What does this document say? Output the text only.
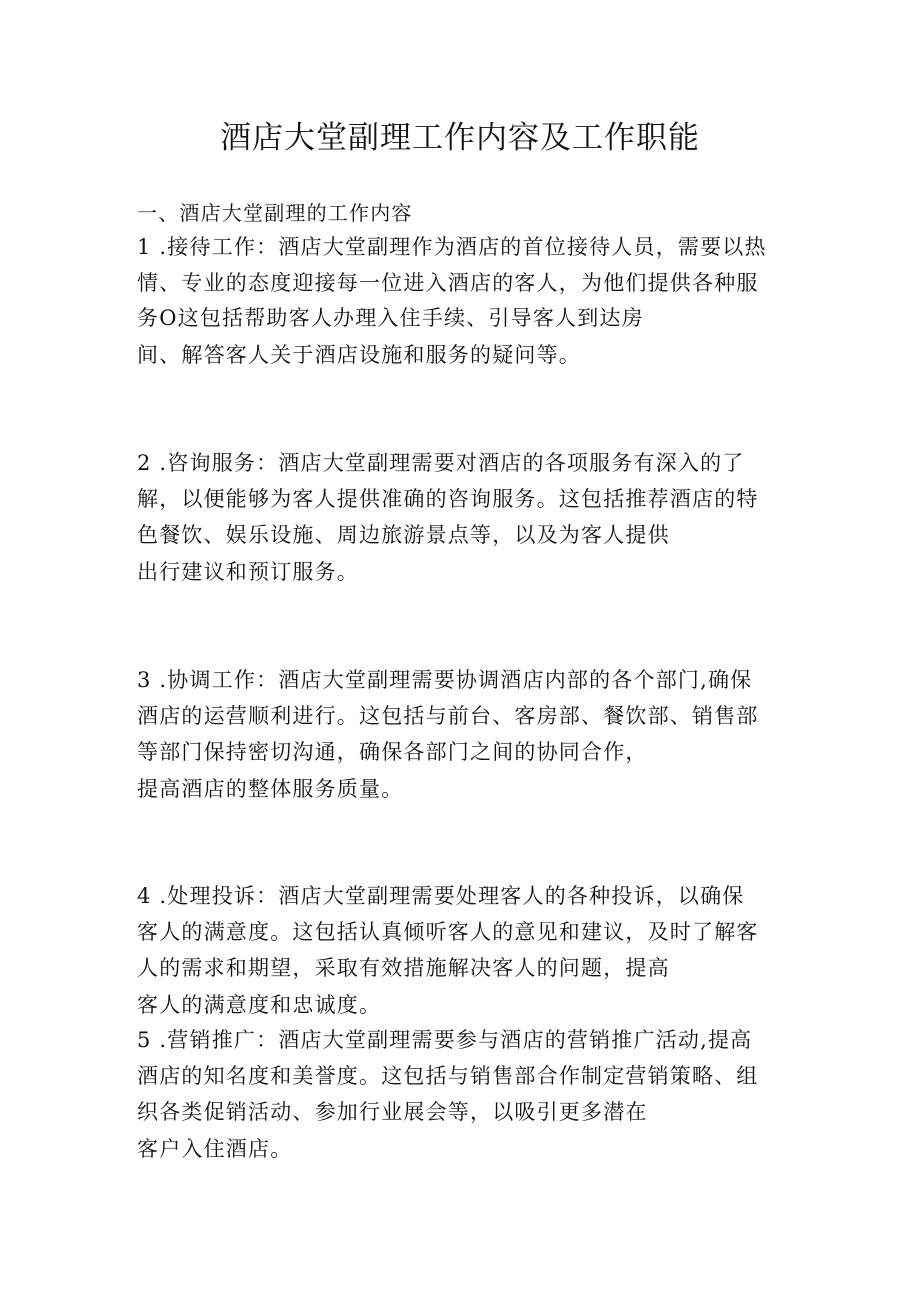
酒店大堂副理工作内容及工作职能
一、酒店大堂副理的工作内容
1 .接待工作：酒店大堂副理作为酒店的首位接待人员，需要以热
情、专业的态度迎接每一位进入酒店的客人，为他们提供各种服
务O这包括帮助客人办理入住手续、引导客人到达房
间、解答客人关于酒店设施和服务的疑问等。
2 .咨询服务：酒店大堂副理需要对酒店的各项服务有深入的了
解，以便能够为客人提供准确的咨询服务。这包括推荐酒店的特
色餐饮、娱乐设施、周边旅游景点等，以及为客人提供
出行建议和预订服务。
3 .协调工作：酒店大堂副理需要协调酒店内部的各个部门,确保
酒店的运营顺利进行。这包括与前台、客房部、餐饮部、销售部
等部门保持密切沟通，确保各部门之间的协同合作，
提高酒店的整体服务质量。
4 .处理投诉：酒店大堂副理需要处理客人的各种投诉，以确保
客人的满意度。这包括认真倾听客人的意见和建议，及时了解客
人的需求和期望，采取有效措施解决客人的问题，提高
客人的满意度和忠诚度。
5 .营销推广：酒店大堂副理需要参与酒店的营销推广活动,提高
酒店的知名度和美誉度。这包括与销售部合作制定营销策略、组
织各类促销活动、参加行业展会等，以吸引更多潜在
客户入住酒店。
